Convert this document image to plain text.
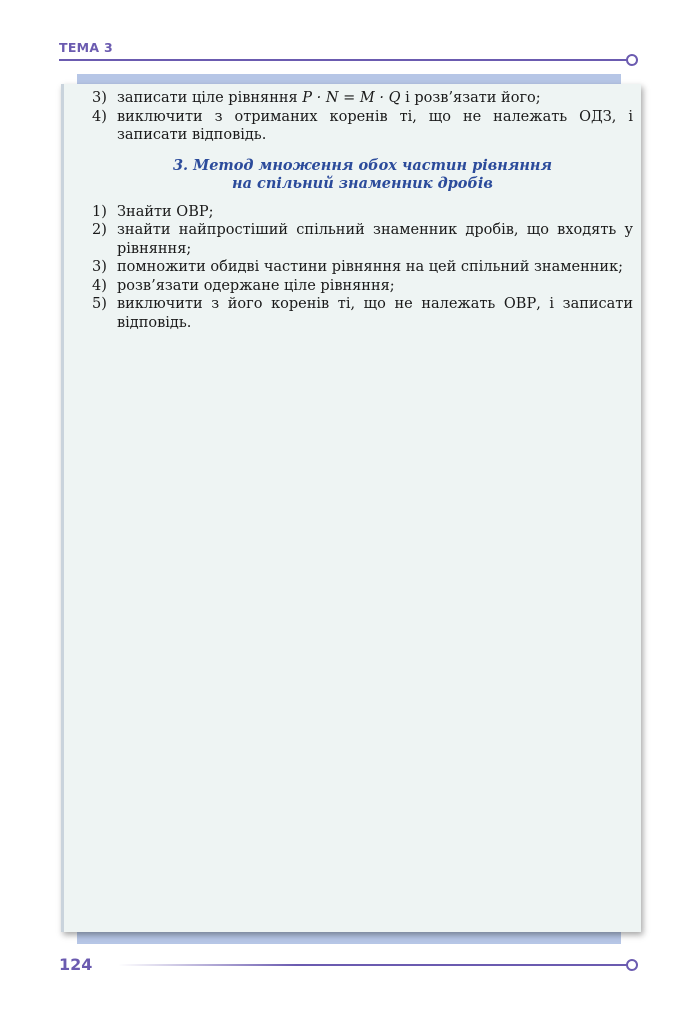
ТЕМА 3
3) записати ціле рівняння P · N = M · Q і розв’язати його;
4) виключити з отриманих коренів ті, що не належать ОДЗ, і записати відповідь.
3. Метод множення обох частин рівняння
на спільний знаменник дробів
1) Знайти ОВР;
2) знайти найпростіший спільний знаменник дробів, що входять у рівняння;
3) помножити обидві частини рівняння на цей спільний знаменник;
4) розв’язати одержане ціле рівняння;
5) виключити з його коренів ті, що не належать ОВР, і записати відповідь.
124
